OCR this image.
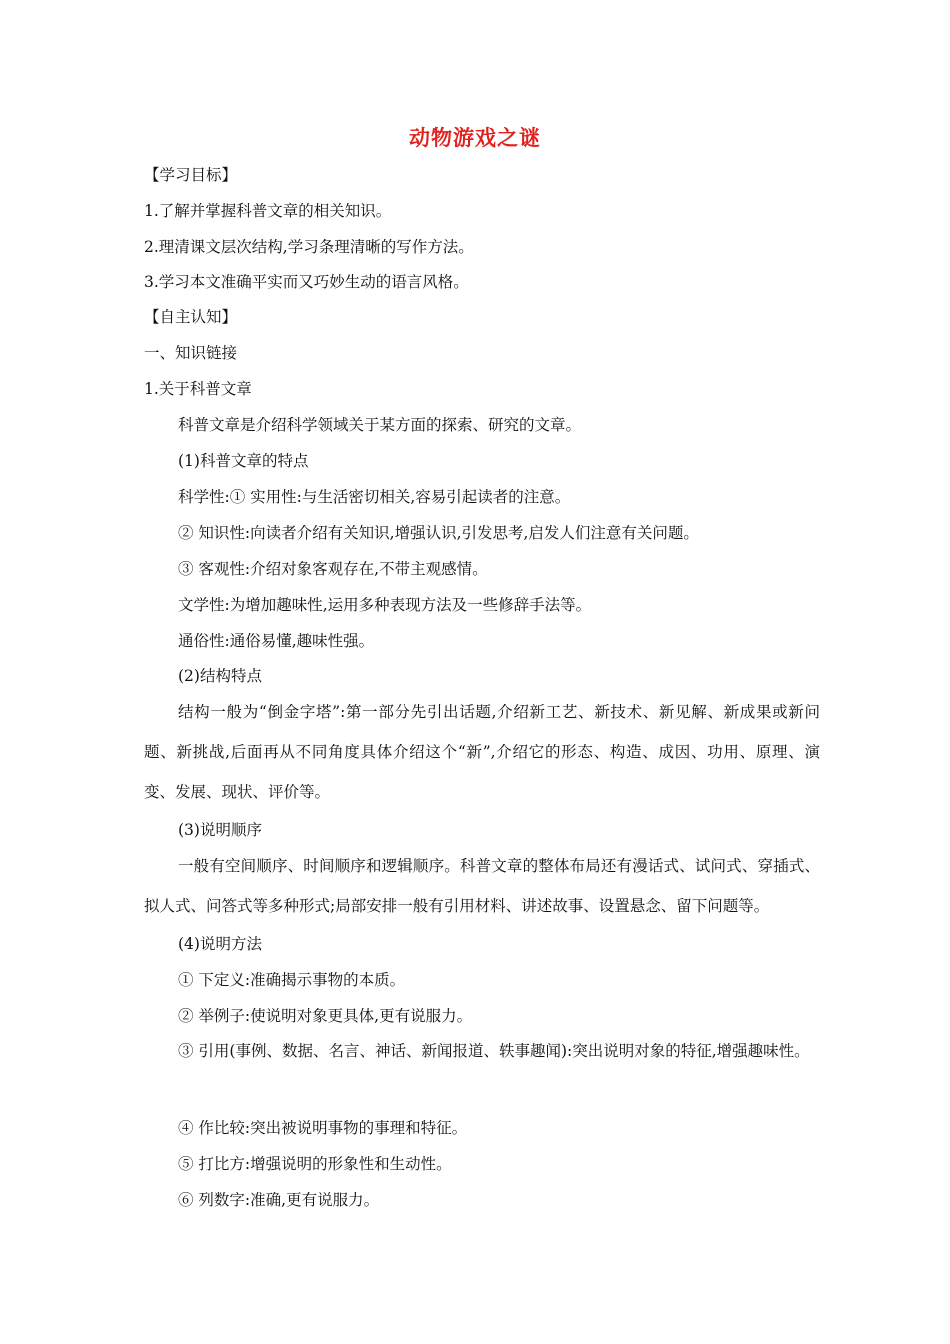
动物游戏之谜
【学习目标】
1.了解并掌握科普文章的相关知识。
2.理清课文层次结构,学习条理清晰的写作方法。
3.学习本文准确平实而又巧妙生动的语言风格。
【自主认知】
一、知识链接
1.关于科普文章
科普文章是介绍科学领域关于某方面的探索、研究的文章。
(1)科普文章的特点
科学性:① 实用性:与生活密切相关,容易引起读者的注意。
② 知识性:向读者介绍有关知识,增强认识,引发思考,启发人们注意有关问题。
③ 客观性:介绍对象客观存在,不带主观感情。
文学性:为增加趣味性,运用多种表现方法及一些修辞手法等。
通俗性:通俗易懂,趣味性强。
(2)结构特点

结构一般为“倒金字塔”:第一部分先引出话题,介绍新工艺、新技术、新见解、新成果或新问题、新挑战,后面再从不同角度具体介绍这个“新”,介绍它的形态、构造、成因、功用、原理、演变、发展、现状、评价等。

(3)说明顺序

一般有空间顺序、时间顺序和逻辑顺序。科普文章的整体布局还有漫话式、试问式、穿插式、拟人式、问答式等多种形式;局部安排一般有引用材料、讲述故事、设置悬念、留下问题等。

(4)说明方法
① 下定义:准确揭示事物的本质。
② 举例子:使说明对象更具体,更有说服力。

③ 引用(事例、数据、名言、神话、新闻报道、轶事趣闻):突出说明对象的特征,增强趣味性。

④ 作比较:突出被说明事物的事理和特征。
⑤ 打比方:增强说明的形象性和生动性。
⑥ 列数字:准确,更有说服力。
